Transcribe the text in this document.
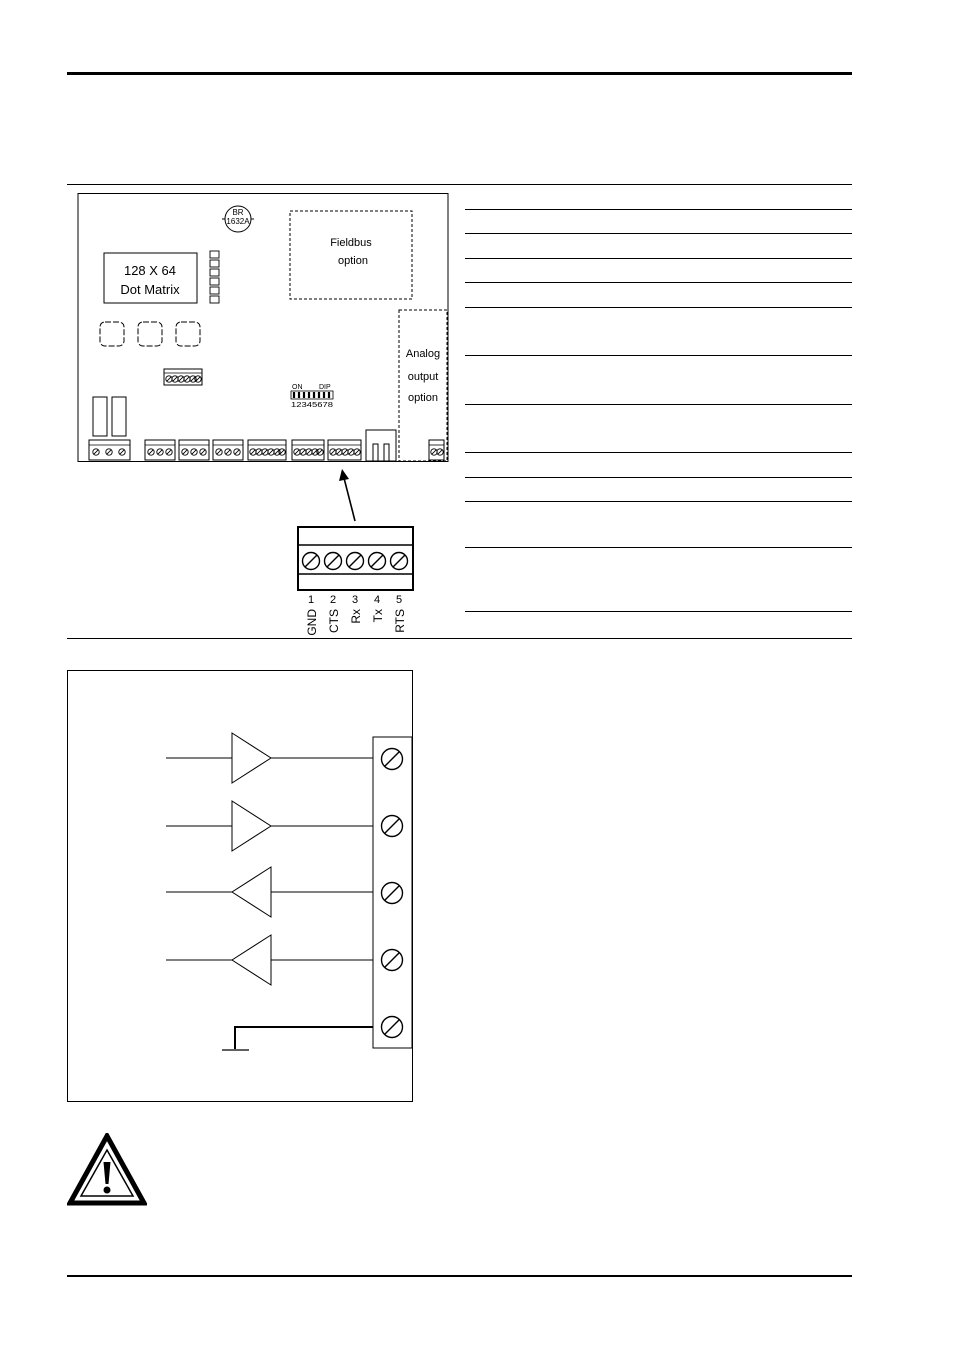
BR
1632A
Fieldbus
option
128 X 64
Dot Matrix
ON DIP
12345678
Analog
output
option
1 2 3 4 5
GND CTS Rx Tx RTS
